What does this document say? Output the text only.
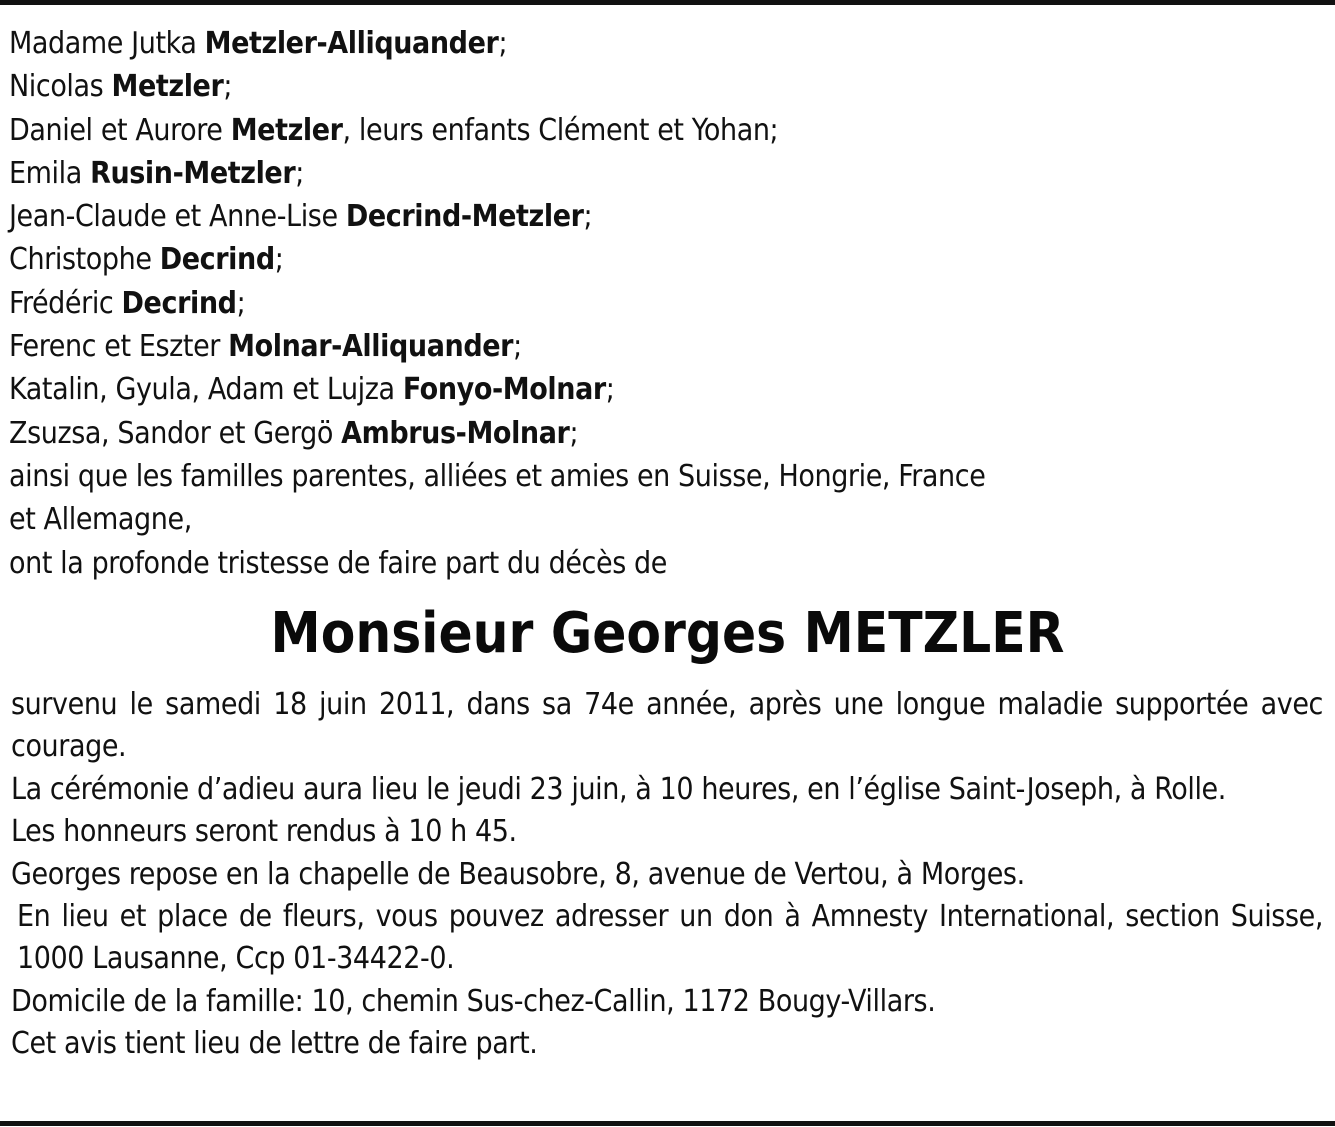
Madame Jutka Metzler-Alliquander;
Nicolas Metzler;
Daniel et Aurore Metzler, leurs enfants Clément et Yohan;
Emila Rusin-Metzler;
Jean-Claude et Anne-Lise Decrind-Metzler;
Christophe Decrind;
Frédéric Decrind;
Ferenc et Eszter Molnar-Alliquander;
Katalin, Gyula, Adam et Lujza Fonyo-Molnar;
Zsuzsa, Sandor et Gergö Ambrus-Molnar;
ainsi que les familles parentes, alliées et amies en Suisse, Hongrie, France
et Allemagne,
ont la profonde tristesse de faire part du décès de
Monsieur Georges METZLER
survenu le samedi 18 juin 2011, dans sa 74e année, après une longue maladie supportée avec courage.
La cérémonie d’adieu aura lieu le jeudi 23 juin, à 10 heures, en l’église Saint-Joseph, à Rolle.
Les honneurs seront rendus à 10 h 45.
Georges repose en la chapelle de Beausobre, 8, avenue de Vertou, à Morges.
En lieu et place de fleurs, vous pouvez adresser un don à Amnesty International, section Suisse, 1000 Lausanne, Ccp 01-34422-0.
Domicile de la famille: 10, chemin Sus-chez-Callin, 1172 Bougy-Villars.
Cet avis tient lieu de lettre de faire part.
